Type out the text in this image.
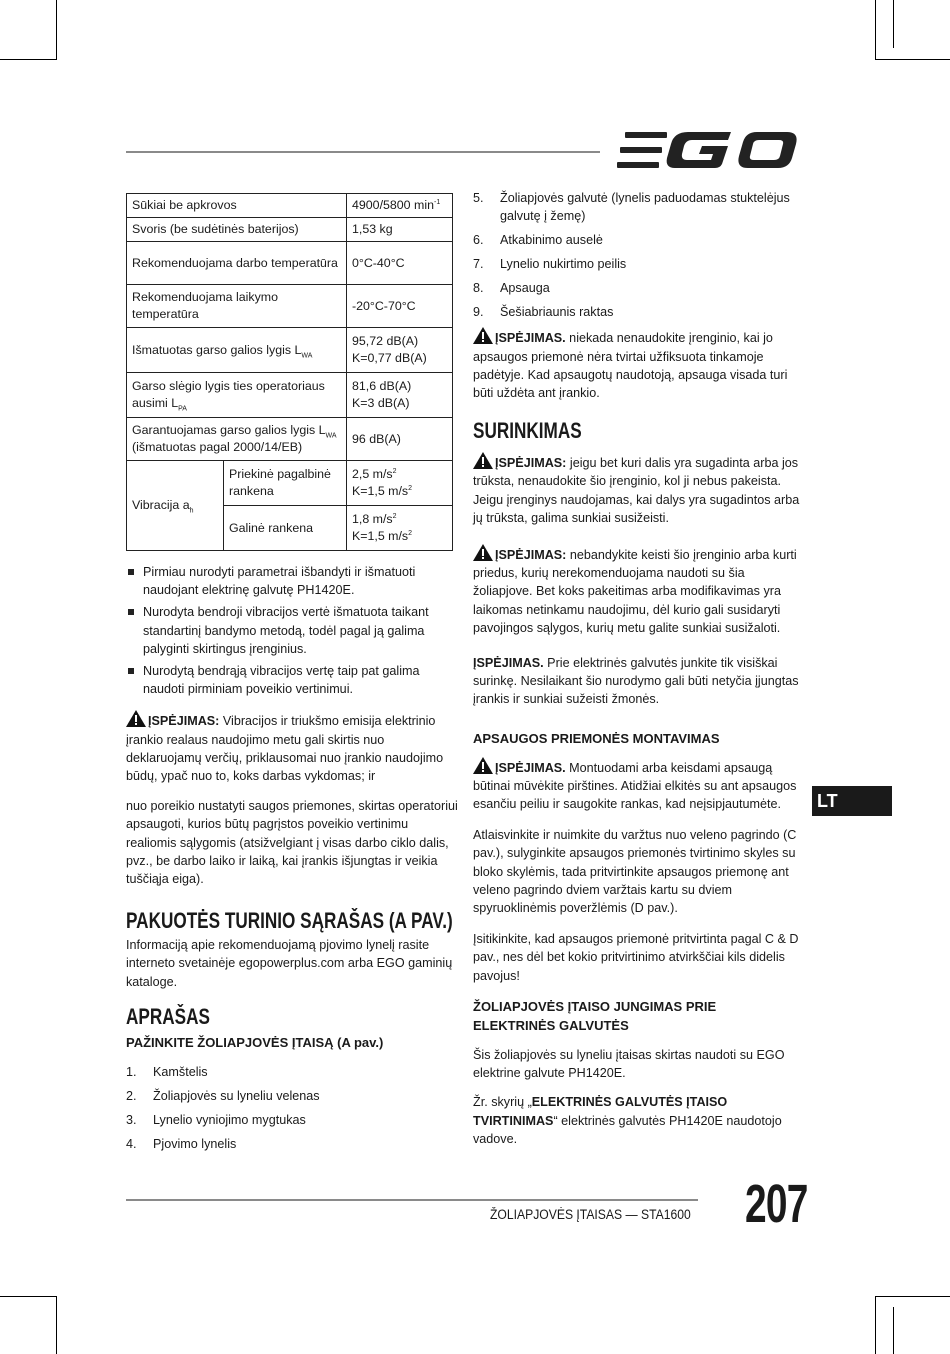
Sūkiai be apkrovos		4900/5800 $\min^{-1}$
Svoris (be sudėtinės baterijos)		1,53 kg
Rekomenduojama darbo temperatūra		0°C-40°C
Rekomenduojama laikymo temperatūra		-20°C-70°C
Išmatuotas garso galios lygis $L_{WA}$		95,72 dB(A)
K=0,77 dB(A)
Garso slėgio lygis ties operatoriaus ausimi $L_{PA}$		81,6 dB(A)
K=3 dB(A)
Garantuojamas garso galios lygis $L_{WA}$ (išmatuotas pagal 2000/14/EB)		96 dB(A)
Vibracija $a_h$	Priekinė pagalbinė rankena	2,5 $m/s^2$
K=1,5 $m/s^2$
	Galinė rankena	1,8 $m/s^2$
K=1,5 $m/s^2$
Pirmiau nurodyti parametrai išbandyti ir išmatuoti naudojant elektrinę galvutę PH1420E.
Nurodyta bendroji vibracijos vertė išmatuota taikant standartinį bandymo metodą, todėl pagal ją galima palyginti skirtingus įrenginius.
Nurodytą bendrąją vibracijos vertę taip pat galima naudoti pirminiam poveikio vertinimui.

ĮSPĖJIMAS: Vibracijos ir triukšmo emisija elektrinio įrankio realaus naudojimo metu gali skirtis nuo deklaruojamų verčių, priklausomai nuo įrankio naudojimo būdų, ypač nuo to, koks darbas vykdomas; ir

nuo poreikio nustatyti saugos priemones, skirtas operatoriui apsaugoti, kurios būtų pagrįstos poveikio vertinimu realiomis sąlygomis (atsižvelgiant į visas darbo ciklo dalis, pvz., be darbo laiko ir laiką, kai įrankis išjungtas ir veikia tuščiąja eiga).

PAKUOTĖS TURINIO SĄRAŠAS (A PAV.)

Informaciją apie rekomenduojamą pjovimo lynelį rasite interneto svetainėje egopowerplus.com arba EGO gaminių kataloge.

APRAŠAS
PAŽINKITE ŽOLIAPJOVĖS ĮTAISĄ (A pav.)
1.	Kamštelis
2.	Žoliapjovės su lyneliu velenas
3.	Lynelio vyniojimo mygtukas
4.	Pjovimo lynelis
5.	Žoliapjovės galvutė (lynelis paduodamas stuktelėjus galvutę į žemę)
6.	Atkabinimo auselė
7.	Lynelio nukirtimo peilis
8.	Apsauga
9.	Šešiabriaunis raktas

ĮSPĖJIMAS. niekada nenaudokite įrenginio, kai jo apsaugos priemonė nėra tvirtai užfiksuota tinkamoje padėtyje. Kad apsaugotų naudotoją, apsauga visada turi būti uždėta ant įrankio.

SURINKIMAS

ĮSPĖJIMAS: jeigu bet kuri dalis yra sugadinta arba jos trūksta, nenaudokite šio įrenginio, kol ji nebus pakeista. Jeigu įrenginys naudojamas, kai dalys yra sugadintos arba jų trūksta, galima sunkiai susižeisti.

ĮSPĖJIMAS: nebandykite keisti šio įrenginio arba kurti priedus, kurių nerekomenduojama naudoti su šia žoliapjove. Bet koks pakeitimas arba modifikavimas yra laikomas netinkamu naudojimu, dėl kurio gali susidaryti pavojingos sąlygos, kurių metu galite sunkiai susižaloti.

ĮSPĖJIMAS. Prie elektrinės galvutės junkite tik visiškai surinkę. Nesilaikant šio nurodymo gali būti netyčia įjungtas įrankis ir sunkiai sužeisti žmonės.

APSAUGOS PRIEMONĖS MONTAVIMAS

ĮSPĖJIMAS. Montuodami arba keisdami apsaugą būtinai mūvėkite pirštines. Atidžiai elkitės su ant apsaugos esančiu peiliu ir saugokite rankas, kad neįsipjautumėte.

Atlaisvinkite ir nuimkite du varžtus nuo veleno pagrindo (C pav.), sulyginkite apsaugos priemonės tvirtinimo skyles su bloko skylėmis, tada pritvirtinkite apsaugos priemonę ant veleno pagrindo dviem varžtais kartu su dviem spyruoklinėmis poveržlėmis (D pav.).

Įsitikinkite, kad apsaugos priemonė pritvirtinta pagal C & D pav., nes dėl bet kokio pritvirtinimo atvirkščiai kils didelis pavojus!

ŽOLIAPJOVĖS ĮTAISO JUNGIMAS PRIE ELEKTRINĖS GALVUTĖS

Šis žoliapjovės su lyneliu įtaisas skirtas naudoti su EGO elektrine galvute PH1420E.

Žr. skyrių „ELEKTRINĖS GALVUTĖS ĮTAISO TVIRTINIMAS“ elektrinės galvutės PH1420E naudotojo vadove.

LT
ŽOLIAPJOVĖS ĮTAISAS — STA1600 207
